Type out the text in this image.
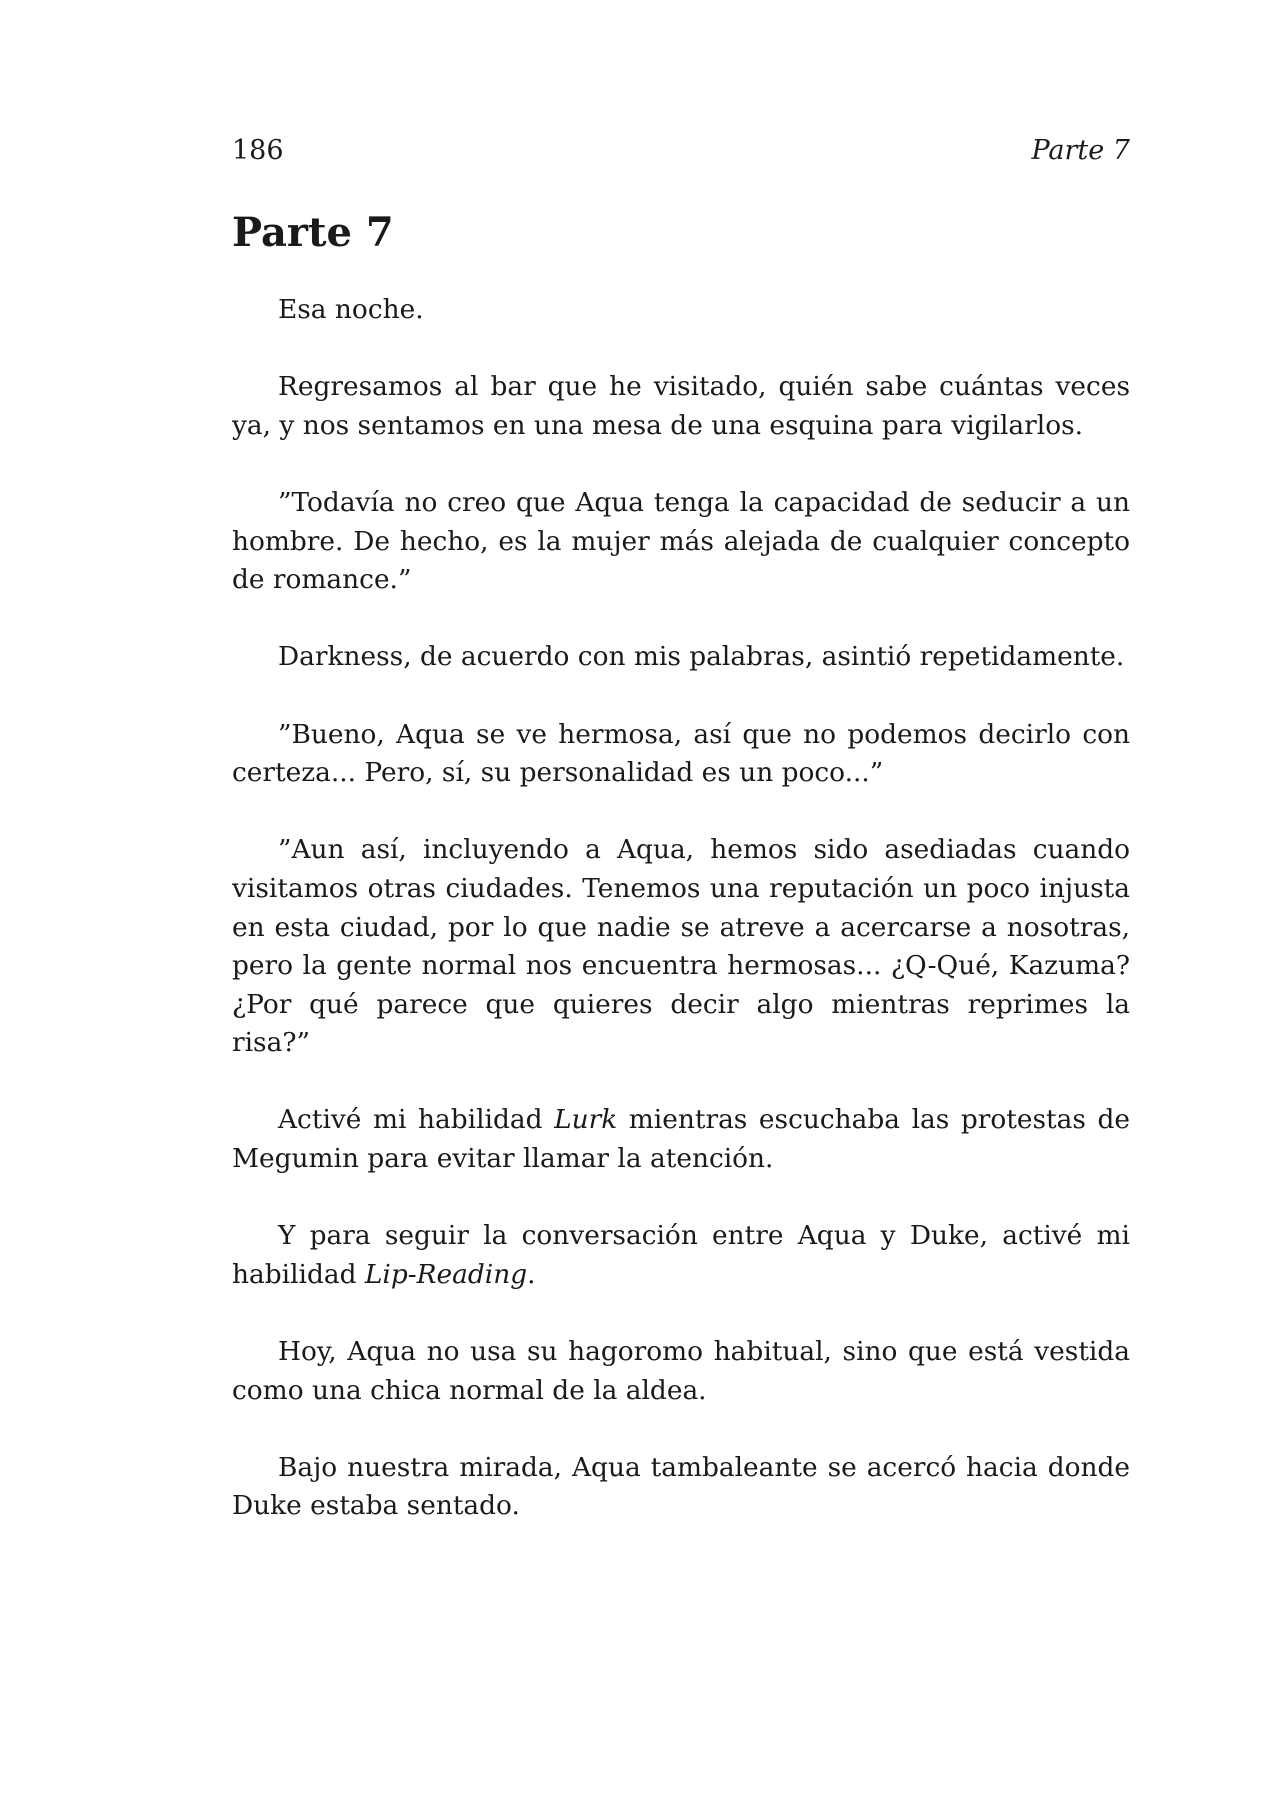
186	Parte 7
Parte 7

Esa noche.

Regresamos al bar que he visitado, quién sabe cuántas veces ya, y nos sentamos en una mesa de una esquina para vigilarlos.

”Todavía no creo que Aqua tenga la capacidad de seducir a un hombre. De hecho, es la mujer más alejada de cualquier concepto de romance.”

Darkness, de acuerdo con mis palabras, asintió repetidamente.

”Bueno, Aqua se ve hermosa, así que no podemos decirlo con certeza... Pero, sí, su personalidad es un poco...”

”Aun así, incluyendo a Aqua, hemos sido asediadas cuando visitamos otras ciudades. Tenemos una reputación un poco injusta en esta ciudad, por lo que nadie se atreve a acercarse a nosotras, pero la gente normal nos encuentra hermosas... ¿Q-Qué, Kazuma? ¿Por qué parece que quieres decir algo mientras reprimes la risa?”

Activé mi habilidad Lurk mientras escuchaba las protestas de Megumin para evitar llamar la atención.

Y para seguir la conversación entre Aqua y Duke, activé mi habilidad Lip-Reading.

Hoy, Aqua no usa su hagoromo habitual, sino que está vestida como una chica normal de la aldea.

Bajo nuestra mirada, Aqua tambaleante se acercó hacia donde Duke estaba sentado.
